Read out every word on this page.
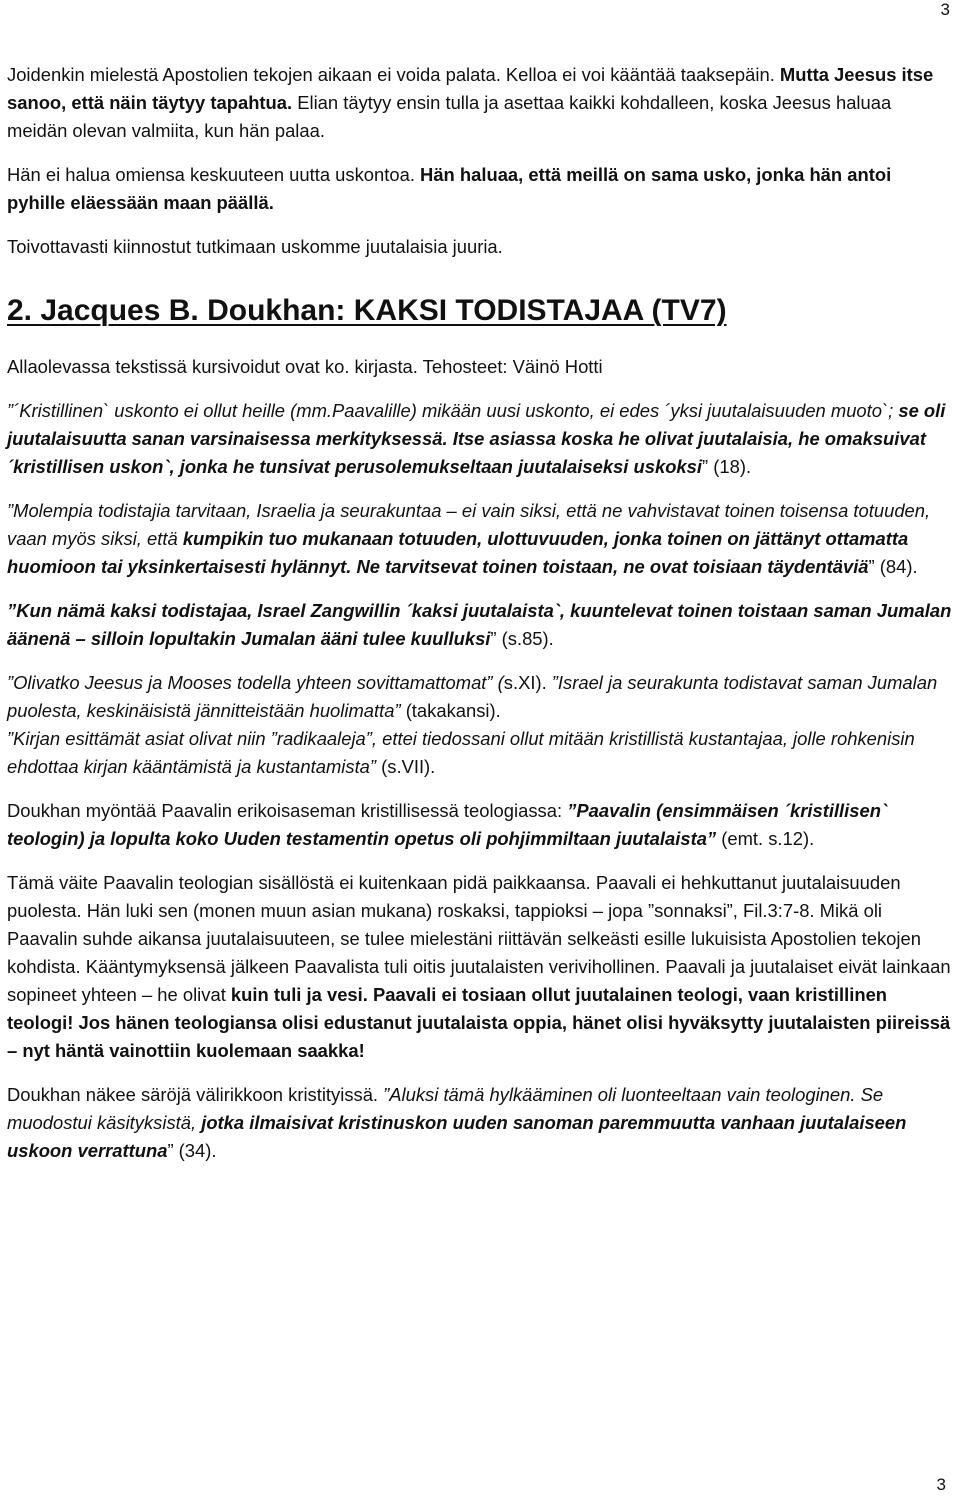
3

Joidenkin mielestä Apostolien tekojen aikaan ei voida palata. Kelloa ei voi kääntää taaksepäin. Mutta Jeesus itse sanoo, että näin täytyy tapahtua. Elian täytyy ensin tulla ja asettaa kaikki kohdalleen, koska Jeesus haluaa meidän olevan valmiita, kun hän palaa.

Hän ei halua omiensa keskuuteen uutta uskontoa. Hän haluaa, että meillä on sama usko, jonka hän antoi pyhille eläessään maan päällä.

Toivottavasti kiinnostut tutkimaan uskomme juutalaisia juuria.

2. Jacques B. Doukhan: KAKSI TODISTAJAA (TV7)

Allaolevassa tekstissä kursivoidut ovat ko. kirjasta. Tehosteet: Väinö Hotti

”´Kristillinen` uskonto ei ollut heille (mm.Paavalille) mikään uusi uskonto, ei edes ´yksi juutalaisuuden muoto`; se oli juutalaisuutta sanan varsinaisessa merkityksessä. Itse asiassa koska he olivat juutalaisia, he omaksuivat ´kristillisen uskon`, jonka he tunsivat perusolemukseltaan juutalaiseksi uskoksi” (18).

”Molempia todistajia tarvitaan, Israelia ja seurakuntaa – ei vain siksi, että ne vahvistavat toinen toisensa totuuden, vaan myös siksi, että kumpikin tuo mukanaan totuuden, ulottuvuuden, jonka toinen on jättänyt ottamatta huomioon tai yksinkertaisesti hylännyt. Ne tarvitsevat toinen toistaan, ne ovat toisiaan täydentäviä” (84).

”Kun nämä kaksi todistajaa, Israel Zangwillin ´kaksi juutalaista`, kuuntelevat toinen toistaan saman Jumalan äänenä – silloin lopultakin Jumalan ääni tulee kuulluksi” (s.85).

”Olivatko Jeesus ja Mooses todella yhteen sovittamattomat” (s.XI). ”Israel ja seurakunta todistavat saman Jumalan puolesta, keskinäisistä jännitteistään huolimatta” (takakansi).
”Kirjan esittämät asiat olivat niin ”radikaaleja”, ettei tiedossani ollut mitään kristillistä kustantajaa, jolle rohkenisin ehdottaa kirjan kääntämistä ja kustantamista” (s.VII).

Doukhan myöntää Paavalin erikoisaseman kristillisessä teologiassa: ”Paavalin (ensimmäisen ´kristillisen` teologin) ja lopulta koko Uuden testamentin opetus oli pohjimmiltaan juutalaista” (emt. s.12).

Tämä väite Paavalin teologian sisällöstä ei kuitenkaan pidä paikkaansa. Paavali ei hehkuttanut juutalaisuuden puolesta. Hän luki sen (monen muun asian mukana) roskaksi, tappioksi – jopa ”sonnaksi”, Fil.3:7-8. Mikä oli Paavalin suhde aikansa juutalaisuuteen, se tulee mielestäni riittävän selkeästi esille lukuisista Apostolien tekojen kohdista. Kääntymyksensä jälkeen Paavalista tuli oitis juutalaisten verivihollinen. Paavali ja juutalaiset eivät lainkaan sopineet yhteen – he olivat kuin tuli ja vesi. Paavali ei tosiaan ollut juutalainen teologi, vaan kristillinen teologi! Jos hänen teologiansa olisi edustanut juutalaista oppia, hänet olisi hyväksytty juutalaisten piireissä – nyt häntä vainottiin kuolemaan saakka!

Doukhan näkee säröjä välirikkoon kristityissä. ”Aluksi tämä hylkääminen oli luonteeltaan vain teologinen. Se muodostui käsityksistä, jotka ilmaisivat kristinuskon uuden sanoman paremmuutta vanhaan juutalaiseen uskoon verrattuna” (34).

3
